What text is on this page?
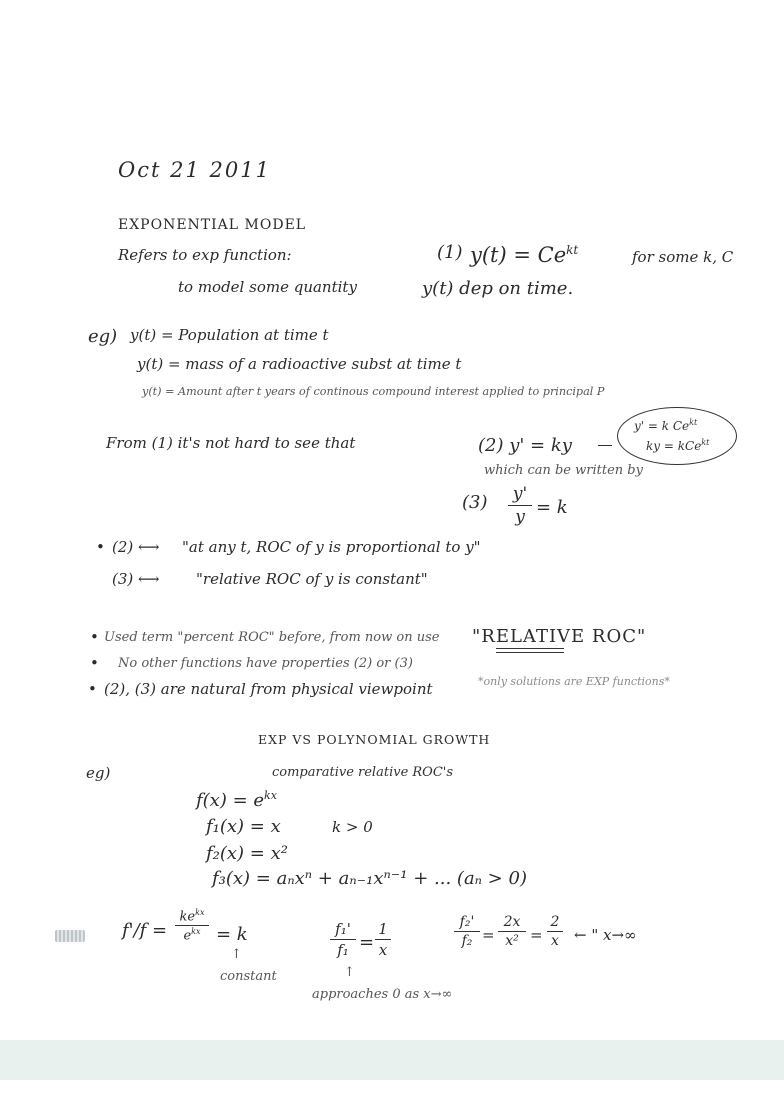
Oct 21 2011
EXPONENTIAL MODEL
Refers to exp function:	(1) $y(t) = Ce^{kt}$	for some k, C
to model some quantity	y(t) dep on time.
eg) y(t) = Population at time t
y(t) = mass of a radioactive subst at time t
y(t) = Amount after t years of continous compound interest applied to principal P
From (1) it's not hard to see that	(2) y' = ky
y' = k $Ce^{kt}$
ky = kCe$^{kt}$
which can be written by
$(3) \frac{y'}{y} = k$
• (2) ⟷ "at any t, ROC of y is proportional to y"
(3) ⟷ "relative ROC of y is constant"
• Used term "percent ROC" before, from now on use "RELATIVE ROC"
• No other functions have properties (2) or (3)
• (2), (3) are natural from physical viewpoint	*only solutions are EXP functions*
EXP VS POLYNOMIAL GROWTH
eg)	comparative relative ROC's
$f(x) = e^{kx}$
f₁(x) = x	k > 0
f₂(x) = x²
f₃(x) = aₙxⁿ + aₙ₋₁xⁿ⁻¹ + ... (aₙ > 0)
f'/f =
$ke^{kx}$
$e^{kx} = k$
↑
constant
$\frac{\text{f₁'}}{\text{f₁}} = \frac{1}{x}$
↑
approaches 0 as x→∞
$\frac{\text{f₂'}}{\text{f₂}} = \frac{2x}{\text{x²}} = \frac{2}{x}$ ← " x→∞
